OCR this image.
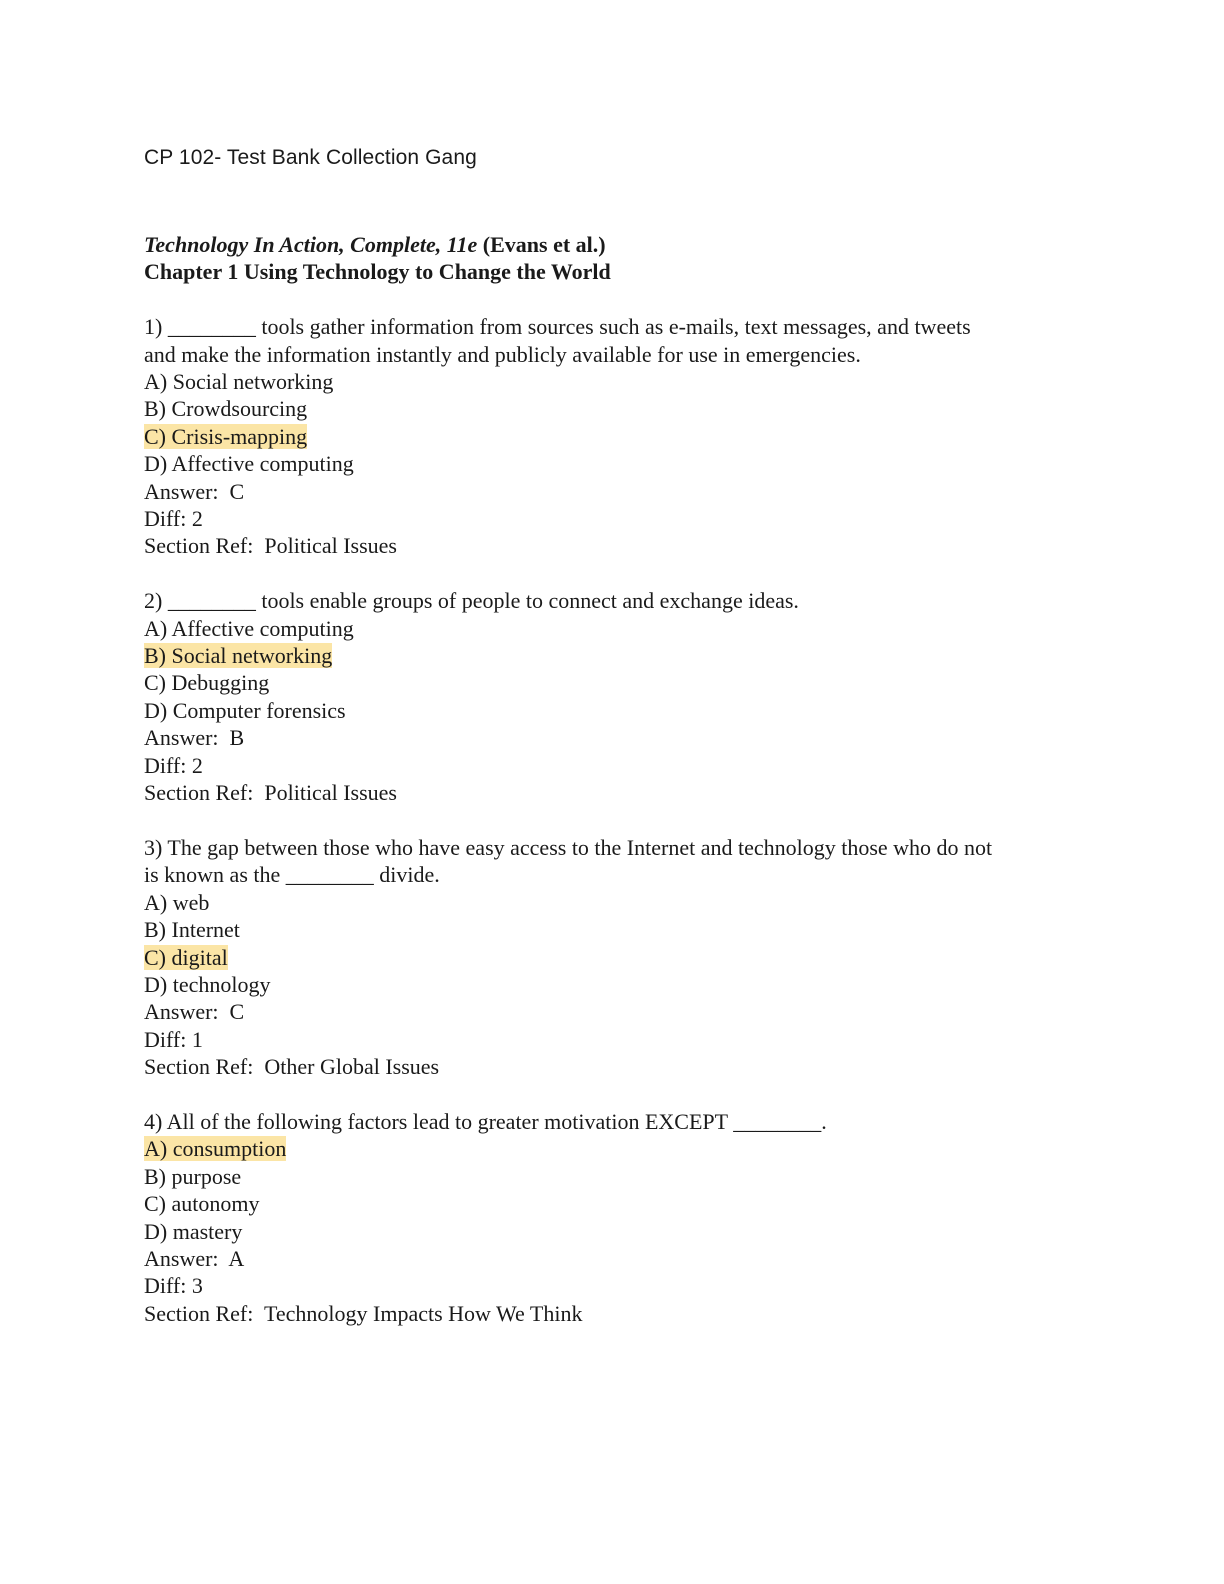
CP 102- Test Bank Collection Gang

Technology In Action, Complete, 11e (Evans et al.)
Chapter 1 Using Technology to Change the World
1) ________ tools gather information from sources such as e-mails, text messages, and tweets
and make the information instantly and publicly available for use in emergencies.
A) Social networking
B) Crowdsourcing
C) Crisis-mapping
D) Affective computing
Answer:  C
Diff: 2
Section Ref:  Political Issues
2) ________ tools enable groups of people to connect and exchange ideas.
A) Affective computing
B) Social networking
C) Debugging
D) Computer forensics
Answer:  B
Diff: 2
Section Ref:  Political Issues
3) The gap between those who have easy access to the Internet and technology those who do not
is known as the ________ divide.
A) web
B) Internet
C) digital
D) technology
Answer:  C
Diff: 1
Section Ref:  Other Global Issues
4) All of the following factors lead to greater motivation EXCEPT ________.
A) consumption
B) purpose
C) autonomy
D) mastery
Answer:  A
Diff: 3
Section Ref:  Technology Impacts How We Think
